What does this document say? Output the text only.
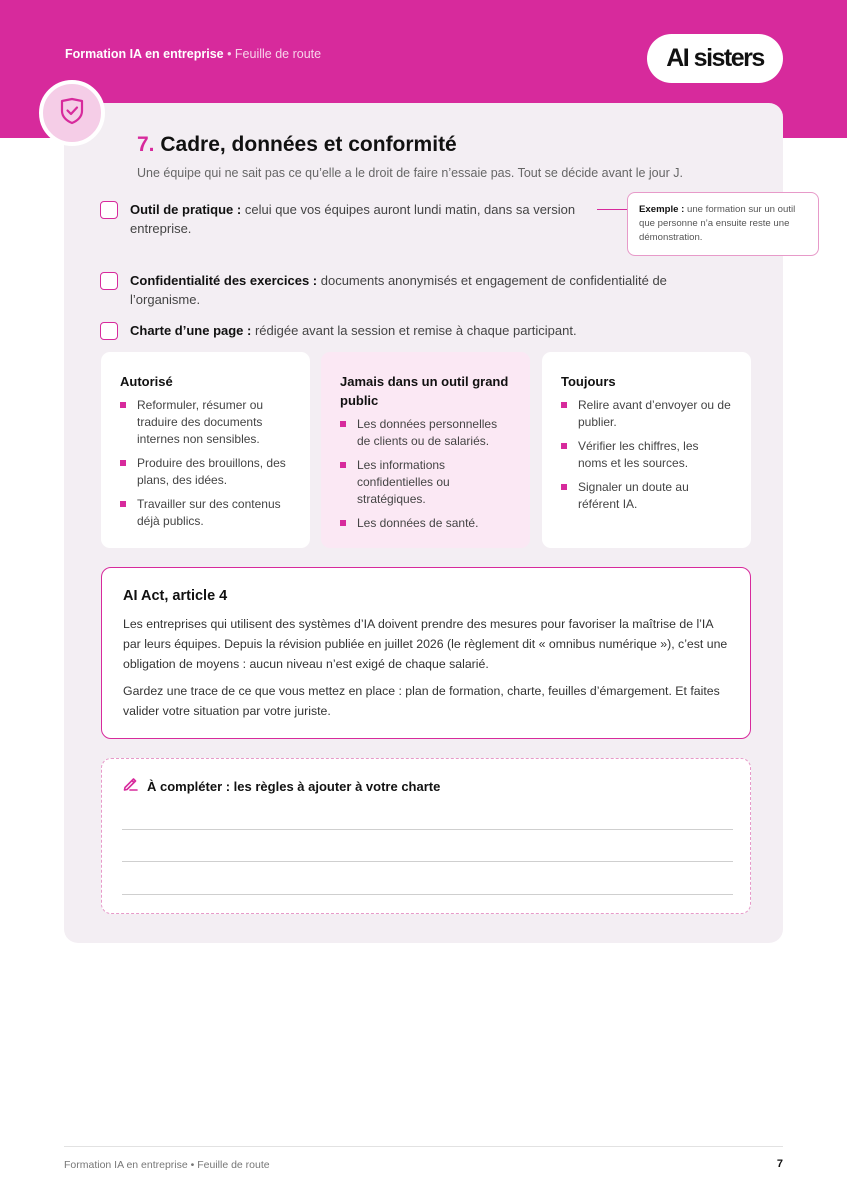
Formation IA en entreprise • Feuille de route	AI sisters
7. Cadre, données et conformité
Une équipe qui ne sait pas ce qu’elle a le droit de faire n’essaie pas. Tout se décide avant le jour J.
Outil de pratique : celui que vos équipes auront lundi matin, dans sa version entreprise.
Exemple : une formation sur un outil que personne n’a ensuite reste une démonstration.
Confidentialité des exercices : documents anonymisés et engagement de confidentialité de l’organisme.
Charte d’une page : rédigée avant la session et remise à chaque participant.
Autorisé
Reformuler, résumer ou traduire des documents internes non sensibles.
Produire des brouillons, des plans, des idées.
Travailler sur des contenus déjà publics.
Jamais dans un outil grand public
Les données personnelles de clients ou de salariés.
Les informations confidentielles ou stratégiques.
Les données de santé.
Toujours
Relire avant d’envoyer ou de publier.
Vérifier les chiffres, les noms et les sources.
Signaler un doute au référent IA.
AI Act, article 4

Les entreprises qui utilisent des systèmes d’IA doivent prendre des mesures pour favoriser la maîtrise de l’IA par leurs équipes. Depuis la révision publiée en juillet 2026 (le règlement dit « omnibus numérique »), c’est une obligation de moyens : aucun niveau n’est exigé de chaque salarié.

Gardez une trace de ce que vous mettez en place : plan de formation, charte, feuilles d’émargement. Et faites valider votre situation par votre juriste.

À compléter : les règles à ajouter à votre charte
Formation IA en entreprise • Feuille de route	7
